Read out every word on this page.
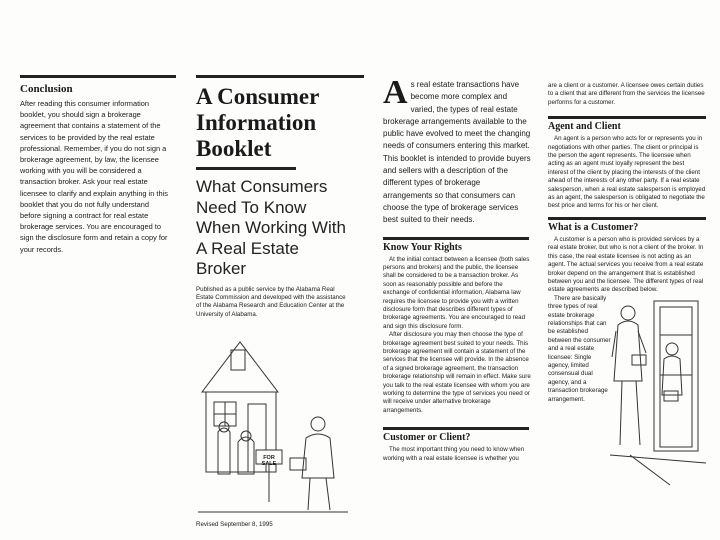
Conclusion

After reading this consumer information booklet, you should sign a brokerage agreement that contains a statement of the services to be provided by the real estate professional. Remember, if you do not sign a brokerage agreement, by law, the licensee working with you will be considered a transaction broker. Ask your real estate licensee to clarify and explain anything in this booklet that you do not fully understand before signing a contract for real estate brokerage services. You are encouraged to sign the disclosure form and retain a copy for your records.

A Consumer Information Booklet

What Consumers Need To Know When Working With A Real Estate Broker

Published as a public service by the Alabama Real Estate Commission and developed with the assistance of the Alabama Research and Education Center at the University of Alabama.

FOR SALE

Revised September 8, 1995

A s real estate transactions have become more complex and varied, the types of real estate brokerage arrangements available to the public have evolved to meet the changing needs of consumers entering this market. This booklet is intended to provide buyers and sellers with a description of the different types of brokerage arrangements so that consumers can choose the type of brokerage services best suited to their needs.

Know Your Rights

At the initial contact between a licensee (both sales persons and brokers) and the public, the licensee shall be considered to be a transaction broker. As soon as reasonably possible and before the exchange of confidential information, Alabama law requires the licensee to provide you with a written disclosure form that describes different types of brokerage agreements. You are encouraged to read and sign this disclosure form.

After disclosure you may then choose the type of brokerage agreement best suited to your needs. This brokerage agreement will contain a statement of the services that the licensee will provide. In the absence of a signed brokerage agreement, the transaction brokerage relationship will remain in effect. Make sure you talk to the real estate licensee with whom you are working to determine the type of services you need or will receive under alternative brokerage arrangements.

Customer or Client?

The most important thing you need to know when working with a real estate licensee is whether you

are a client or a customer. A licensee owes certain duties to a client that are different from the services the licensee performs for a customer.

Agent and Client

An agent is a person who acts for or represents you in negotiations with other parties. The client or principal is the person the agent represents. The licensee when acting as an agent must loyally represent the best interest of the client by placing the interests of the client ahead of the interests of any other party. If a real estate salesperson, when a real estate salesperson is employed as an agent, the salesperson is obligated to negotiate the best price and terms for his or her client.

What is a Customer?

A customer is a person who is provided services by a real estate broker, but who is not a client of the broker. In this case, the real estate licensee is not acting as an agent. The actual services you receive from a real estate broker depend on the arrangement that is established between you and the licensee. The different types of real estate agreements are described below.

There are basically three types of real estate brokerage relationships that can be established between the consumer and a real estate licensee: Single agency, limited consensual dual agency, and a transaction brokerage arrangement.
